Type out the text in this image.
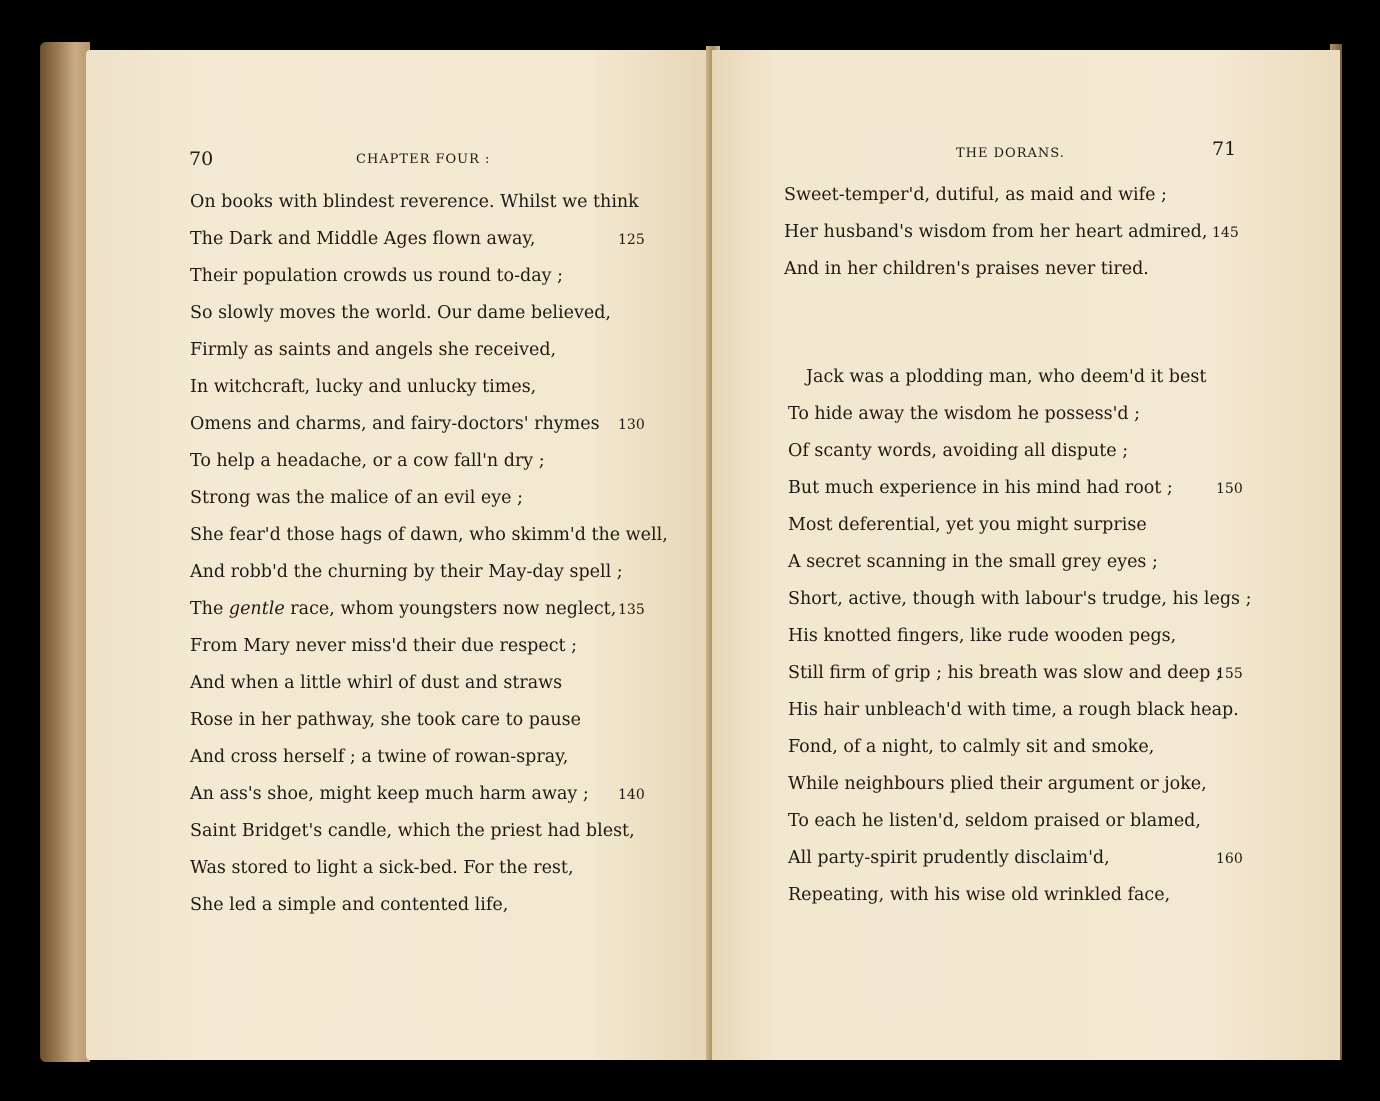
70	CHAPTER FOUR :
On books with blindest reverence. Whilst we think
The Dark and Middle Ages flown away,	125
Their population crowds us round to-day ;
So slowly moves the world. Our dame believed,
Firmly as saints and angels she received,
In witchcraft, lucky and unlucky times,
Omens and charms, and fairy-doctors' rhymes 130
To help a headache, or a cow fall'n dry ;
Strong was the malice of an evil eye ;
She fear'd those hags of dawn, who skimm'd the well,
And robb'd the churning by their May-day spell ;
The gentle race, whom youngsters now neglect, 135
From Mary never miss'd their due respect ;
And when a little whirl of dust and straws
Rose in her pathway, she took care to pause
And cross herself ; a twine of rowan-spray,
An ass's shoe, might keep much harm away ; 140
Saint Bridget's candle, which the priest had blest,
Was stored to light a sick-bed. For the rest,
She led a simple and contented life,
THE DORANS.	71
Sweet-temper'd, dutiful, as maid and wife ;
Her husband's wisdom from her heart admired, 145
And in her children's praises never tired.
Jack was a plodding man, who deem'd it best
To hide away the wisdom he possess'd ;
Of scanty words, avoiding all dispute ;
But much experience in his mind had root ;	150
Most deferential, yet you might surprise
A secret scanning in the small grey eyes ;
Short, active, though with labour's trudge, his legs ;
His knotted fingers, like rude wooden pegs,
Still firm of grip ; his breath was slow and deep ;
155
His hair unbleach'd with time, a rough black heap.
Fond, of a night, to calmly sit and smoke,
While neighbours plied their argument or joke,
To each he listen'd, seldom praised or blamed,
All party-spirit prudently disclaim'd,	160
Repeating, with his wise old wrinkled face,
